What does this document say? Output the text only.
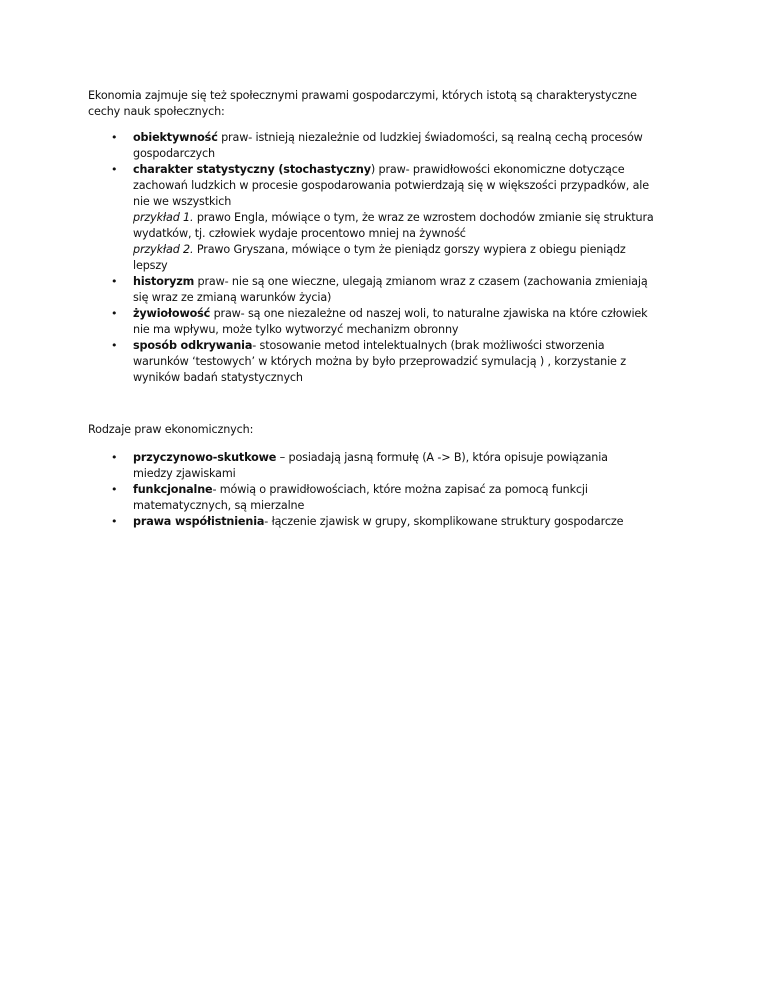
Ekonomia zajmuje się też społecznymi prawami gospodarczymi, których istotą są charakterystyczne
cechy nauk społecznych:
• obiektywność praw- istnieją niezależnie od ludzkiej świadomości, są realną cechą procesów
gospodarczych
• charakter statystyczny (stochastyczny) praw- prawidłowości ekonomiczne dotyczące
zachowań ludzkich w procesie gospodarowania potwierdzają się w większości przypadków, ale
nie we wszystkich
przykład 1. prawo Engla, mówiące o tym, że wraz ze wzrostem dochodów zmianie się struktura
wydatków, tj. człowiek wydaje procentowo mniej na żywność
przykład 2. Prawo Gryszana, mówiące o tym że pieniądz gorszy wypiera z obiegu pieniądz
lepszy
• historyzm praw- nie są one wieczne, ulegają zmianom wraz z czasem (zachowania zmieniają
się wraz ze zmianą warunków życia)
• żywiołowość praw- są one niezależne od naszej woli, to naturalne zjawiska na które człowiek
nie ma wpływu, może tylko wytworzyć mechanizm obronny
• sposób odkrywania- stosowanie metod intelektualnych (brak możliwości stworzenia
warunków ‘testowych’ w których można by było przeprowadzić symulacją ) , korzystanie z
wyników badań statystycznych
Rodzaje praw ekonomicznych:
• przyczynowo-skutkowe – posiadają jasną formułę (A -> B), która opisuje powiązania
miedzy zjawiskami
• funkcjonalne- mówią o prawidłowościach, które można zapisać za pomocą funkcji
matematycznych, są mierzalne
• prawa współistnienia- łączenie zjawisk w grupy, skomplikowane struktury gospodarcze
